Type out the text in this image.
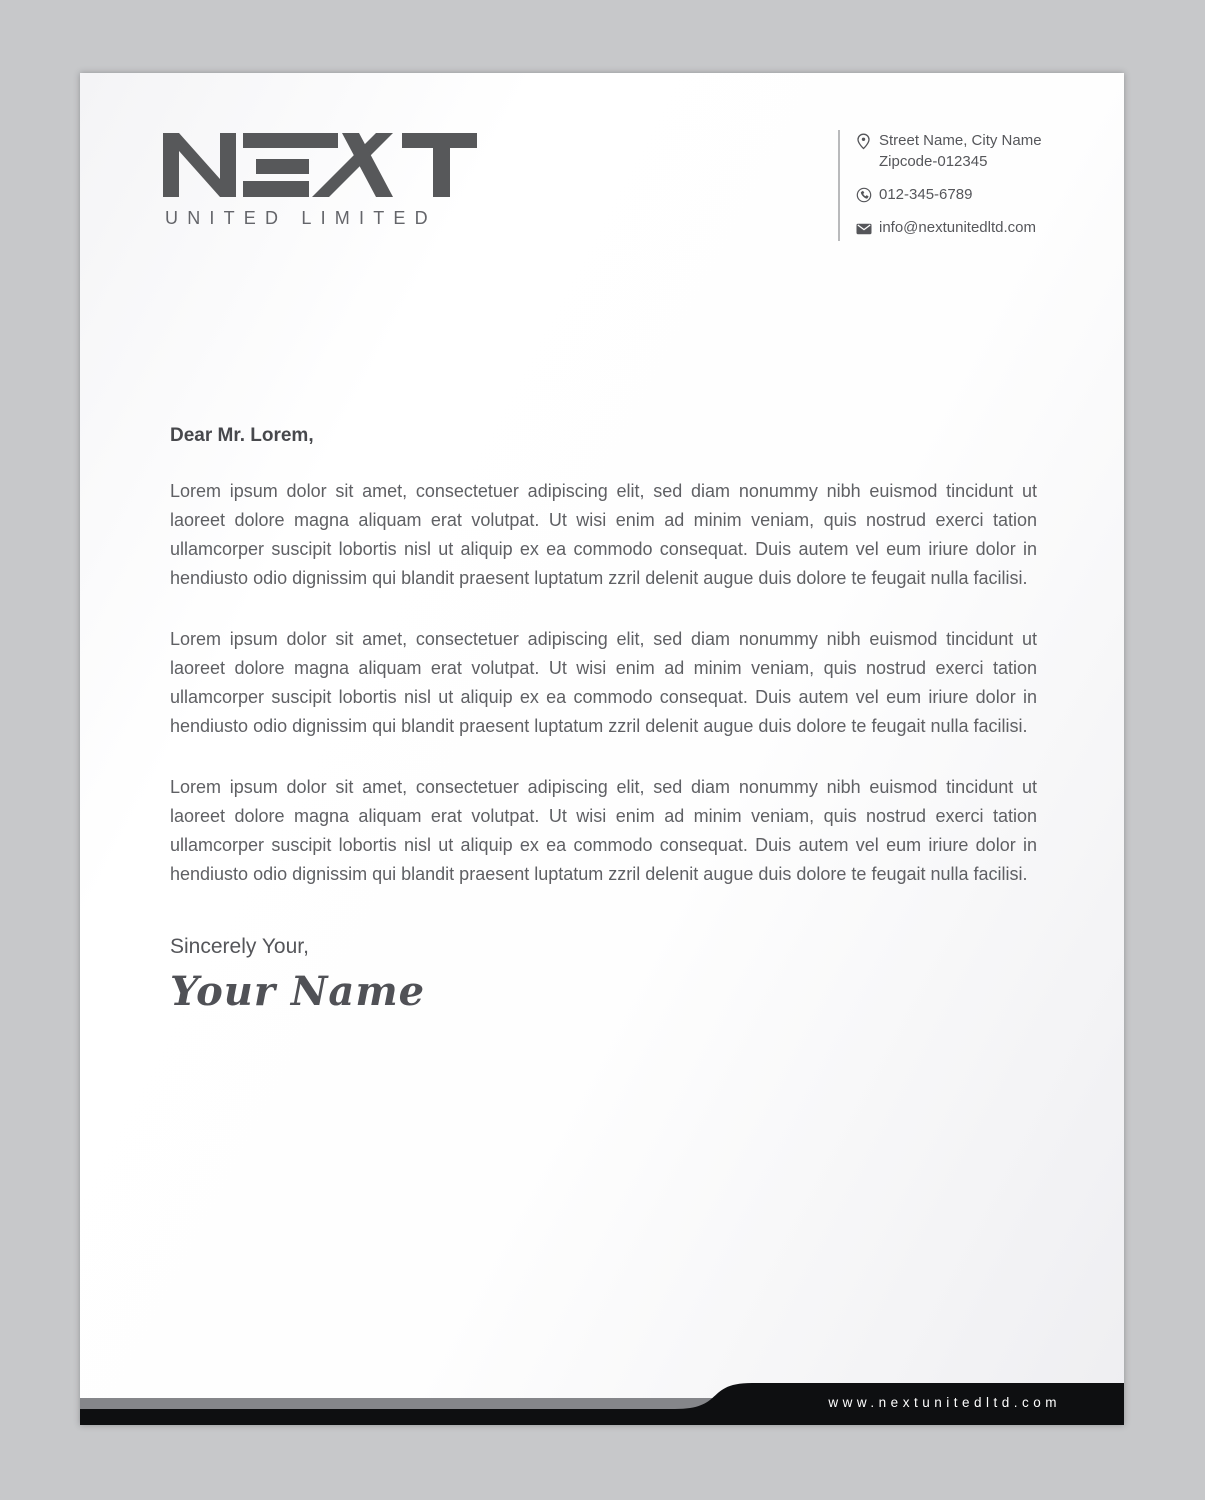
UNITED LIMITED
Street Name, City Name
Zipcode-012345
012-345-6789
info@nextunitedltd.com
Dear Mr. Lorem,

Lorem ipsum dolor sit amet, consectetuer adipiscing elit, sed diam nonummy nibh euismod tincidunt ut laoreet dolore magna aliquam erat volutpat. Ut wisi enim ad minim veniam, quis nostrud exerci tation ullamcorper suscipit lobortis nisl ut aliquip ex ea commodo consequat. Duis autem vel eum iriure dolor in hendiusto odio dignissim qui blandit praesent luptatum zzril delenit augue duis dolore te feugait nulla facilisi.

Lorem ipsum dolor sit amet, consectetuer adipiscing elit, sed diam nonummy nibh euismod tincidunt ut laoreet dolore magna aliquam erat volutpat. Ut wisi enim ad minim veniam, quis nostrud exerci tation ullamcorper suscipit lobortis nisl ut aliquip ex ea commodo consequat. Duis autem vel eum iriure dolor in hendiusto odio dignissim qui blandit praesent luptatum zzril delenit augue duis dolore te feugait nulla facilisi.

Lorem ipsum dolor sit amet, consectetuer adipiscing elit, sed diam nonummy nibh euismod tincidunt ut laoreet dolore magna aliquam erat volutpat. Ut wisi enim ad minim veniam, quis nostrud exerci tation ullamcorper suscipit lobortis nisl ut aliquip ex ea commodo consequat. Duis autem vel eum iriure dolor in hendiusto odio dignissim qui blandit praesent luptatum zzril delenit augue duis dolore te feugait nulla facilisi.

Sincerely Your,
Your Name
www.nextunitedltd.com
